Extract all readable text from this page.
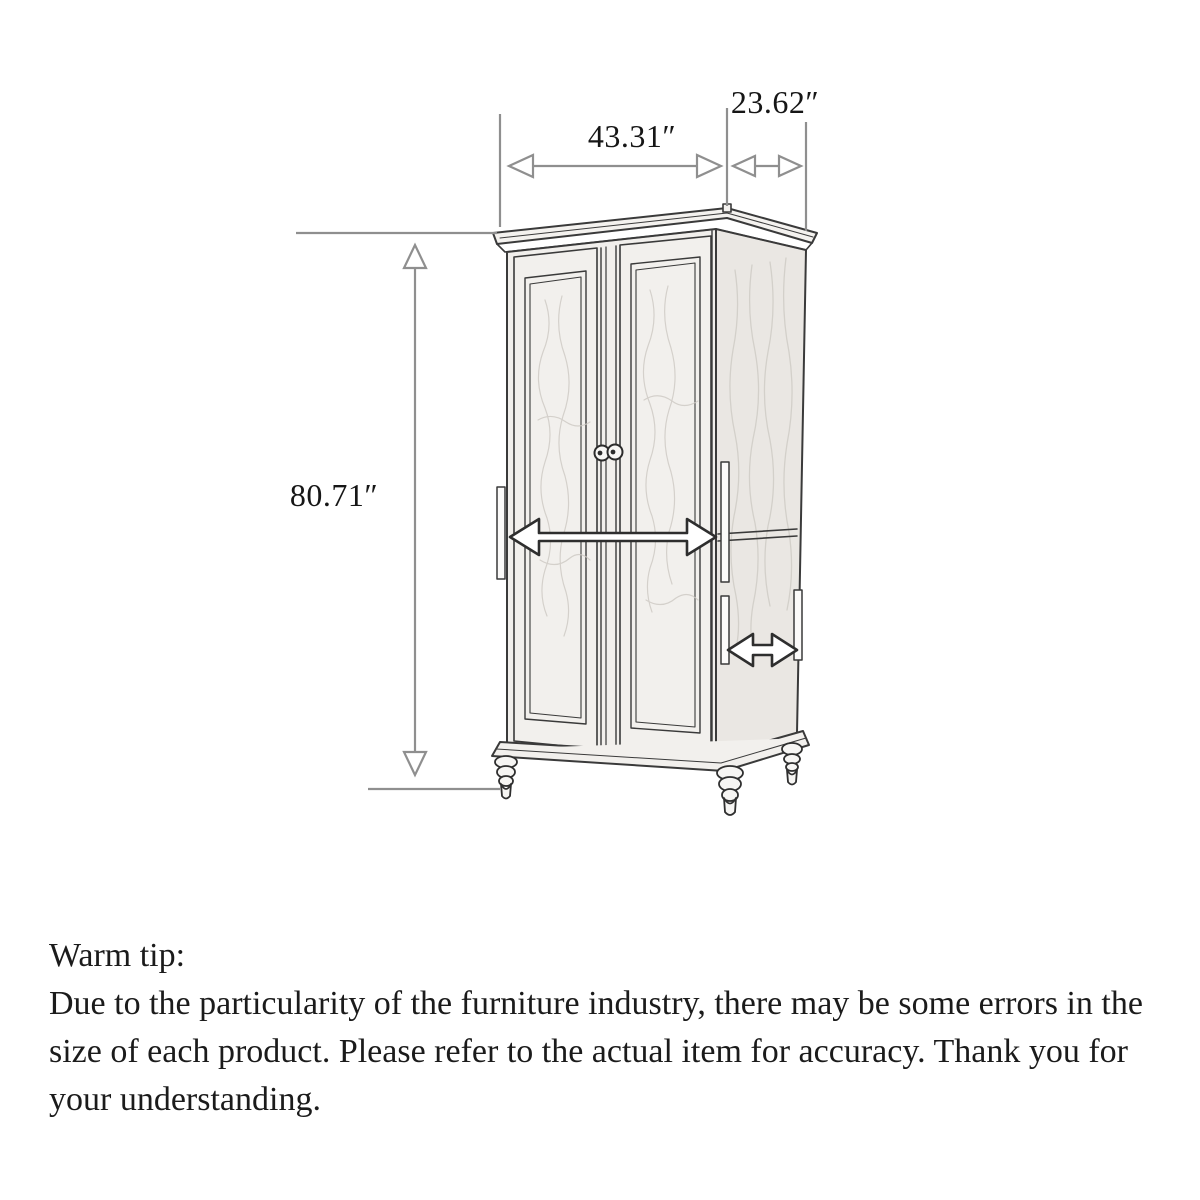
43.31″
23.62″
80.71″
Warm tip:
Due to the particularity of the furniture industry, there may be some errors in the size of each product. Please refer to the actual item for accuracy. Thank you for your understanding.
